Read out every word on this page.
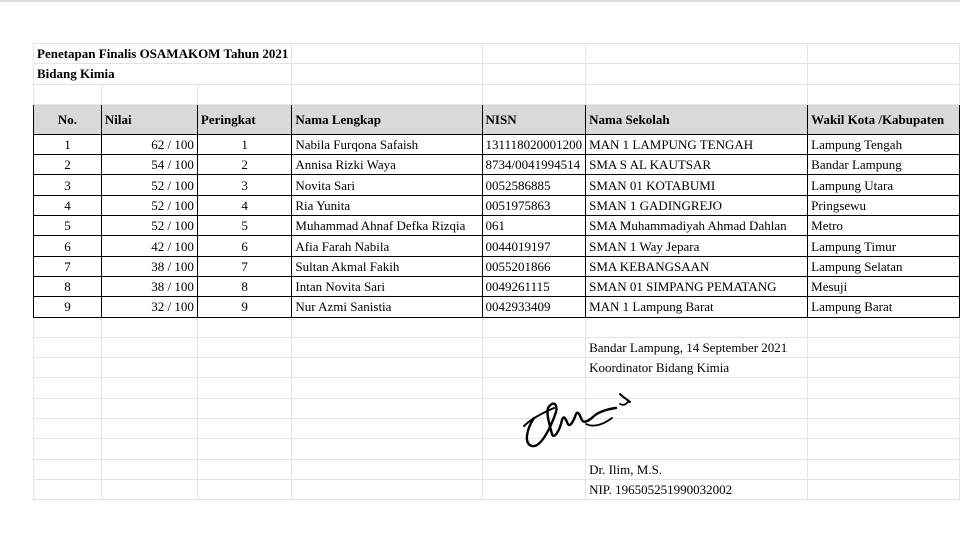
Penetapan Finalis OSAMAKOM Tahun 2021						
Bidang Kimia						

No.	Nilai	Peringkat	Nama Lengkap	NISN	Nama Sekolah	Wakil Kota /Kabupaten
1	62 / 100	1	Nabila Furqona Safaish	131118020001200	MAN 1 LAMPUNG TENGAH	Lampung Tengah
2	54 / 100	2	Annisa Rizki Waya	8734/0041994514	SMA S AL KAUTSAR	Bandar Lampung
3	52 / 100	3	Novita Sari	0052586885	SMAN 01 KOTABUMI	Lampung Utara
4	52 / 100	4	Ria Yunita	0051975863	SMAN 1 GADINGREJO	Pringsewu
5	52 / 100	5	Muhammad Ahnaf Defka Rizqia	061	SMA Muhammadiyah Ahmad Dahlan	Metro
6	42 / 100	6	Afia Farah Nabila	0044019197	SMAN 1 Way Jepara	Lampung Timur
7	38 / 100	7	Sultan Akmal Fakih	0055201866	SMA KEBANGSAAN	Lampung Selatan
8	38 / 100	8	Intan Novita Sari	0049261115	SMAN 01 SIMPANG PEMATANG	Mesuji
9	32 / 100	9	Nur Azmi Sanistia	0042933409	MAN 1 Lampung Barat	Lampung Barat

					Bandar Lampung, 14 September 2021	
					Koordinator Bidang Kimia	

					Dr. Ilim, M.S.	
					NIP. 196505251990032002	
